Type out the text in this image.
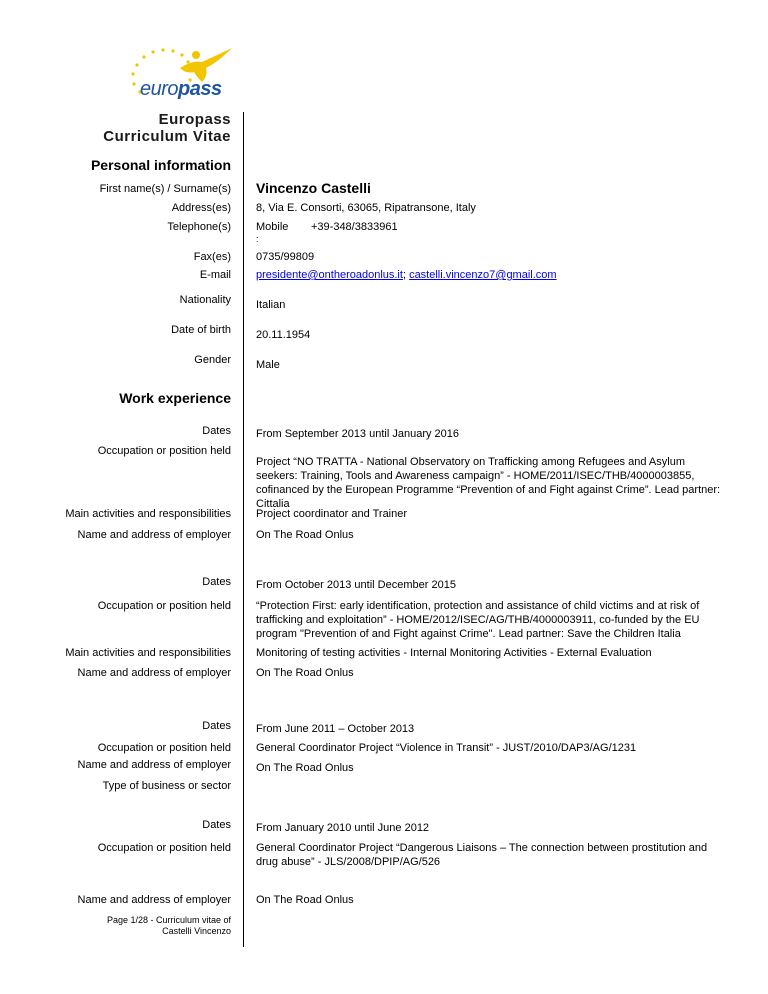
europass
Europass
Curriculum Vitae
Personal information
First name(s) / Surname(s) Vincenzo Castelli
Address(es) 8, Via E. Consorti, 63065, Ripatransone, Italy
Telephone(s) Mobile
:
+39-348/3833961
Fax(es) 0735/99809
E-mail presidente@ontheroadonlus.it; castelli.vincenzo7@gmail.com
Nationality Italian
Date of birth 20.11.1954
Gender Male
Work experience
Dates From September 2013 until January 2016
Occupation or position held
Project “NO TRATTA - National Observatory on Trafficking among Refugees and Asylum seekers: Training, Tools and Awareness campaign” - HOME/2011/ISEC/THB/4000003855, cofinanced by the European Programme “Prevention of and Fight against Crime”. Lead partner: Cittalia
Main activities and responsibilities Project coordinator and Trainer
Name and address of employer On The Road Onlus
Dates From October 2013 until December 2015
Occupation or position held “Protection First: early identification, protection and assistance of child victims and at risk of trafficking and exploitation” - HOME/2012/ISEC/AG/THB/4000003911, co-funded by the EU program "Prevention of and Fight against Crime". Lead partner: Save the Children Italia
Main activities and responsibilities Monitoring of testing activities - Internal Monitoring Activities - External Evaluation
Name and address of employer On The Road Onlus
Dates From June 2011 – October 2013
Occupation or position held General Coordinator Project “Violence in Transit” - JUST/2010/DAP3/AG/1231
Name and address of employer On The Road Onlus
Type of business or sector
Dates From January 2010 until June 2012
Occupation or position held General Coordinator Project “Dangerous Liaisons – The connection between prostitution and drug abuse” - JLS/2008/DPIP/AG/526
Name and address of employer On The Road Onlus
Page 1/28 - Curriculum vitae of
Castelli Vincenzo
